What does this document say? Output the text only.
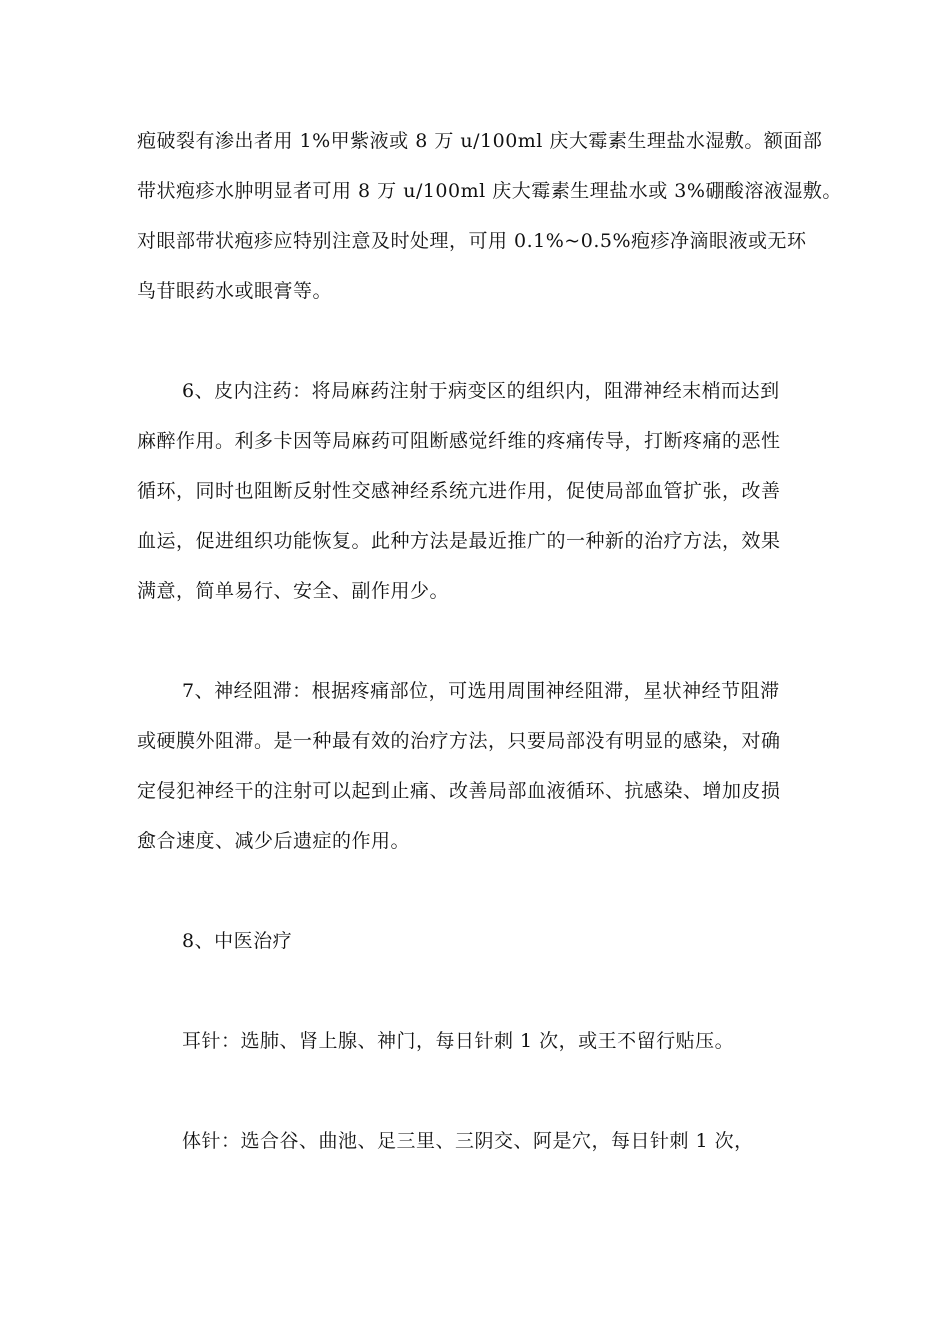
疱破裂有渗出者用 1%甲紫液或 8 万 u/100ml 庆大霉素生理盐水湿敷。额面部
带状疱疹水肿明显者可用 8 万 u/100ml 庆大霉素生理盐水或 3%硼酸溶液湿敷。
对眼部带状疱疹应特别注意及时处理，可用 0.1%~0.5%疱疹净滴眼液或无环
鸟苷眼药水或眼膏等。
6、皮内注药：将局麻药注射于病变区的组织内，阻滞神经末梢而达到
麻醉作用。利多卡因等局麻药可阻断感觉纤维的疼痛传导，打断疼痛的恶性
循环，同时也阻断反射性交感神经系统亢进作用，促使局部血管扩张，改善
血运，促进组织功能恢复。此种方法是最近推广的一种新的治疗方法，效果
满意，简单易行、安全、副作用少。
7、神经阻滞：根据疼痛部位，可选用周围神经阻滞，星状神经节阻滞
或硬膜外阻滞。是一种最有效的治疗方法，只要局部没有明显的感染，对确
定侵犯神经干的注射可以起到止痛、改善局部血液循环、抗感染、增加皮损
愈合速度、减少后遗症的作用。
8、中医治疗
耳针：选肺、肾上腺、神门，每日针刺 1 次，或王不留行贴压。
体针：选合谷、曲池、足三里、三阴交、阿是穴，每日针刺 1 次，
